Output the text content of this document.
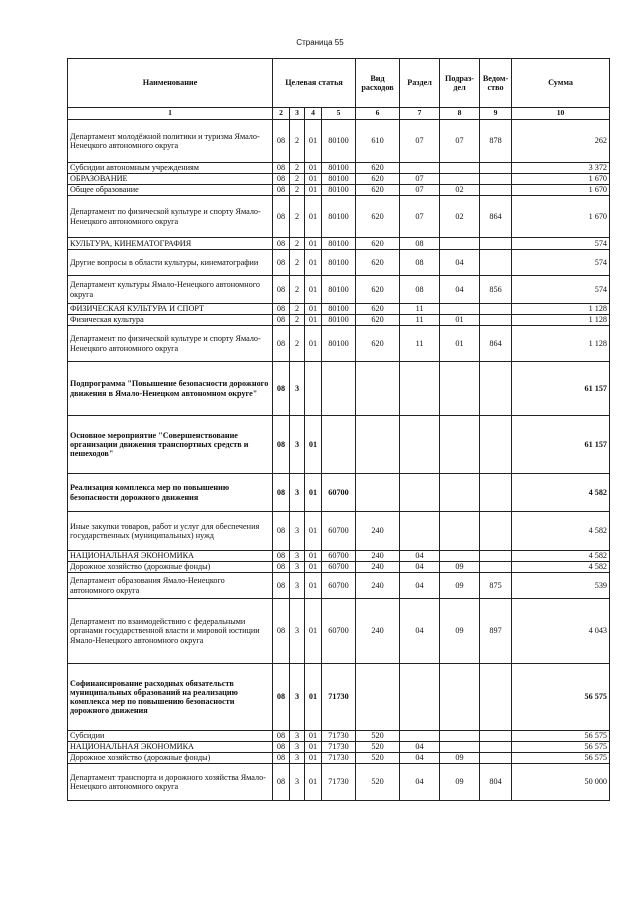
Страница 55
Наименование	Целевая статья				Вид расходов	Раздел	Подраз-дел	Ведом-ство	Сумма
1	2	3	4	5	6	7	8	9	10
Департамент молодёжной политики и туризма Ямало-Ненецкого автономного округа	08	2	01	80100	610	07	07	878	262
Субсидии автономным учреждениям	08	2	01	80100	620				3 372
ОБРАЗОВАНИЕ	08	2	01	80100	620	07			1 670
Общее образование	08	2	01	80100	620	07	02		1 670
Департамент по физической культуре и спорту Ямало-Ненецкого автономного округа	08	2	01	80100	620	07	02	864	1 670
КУЛЬТУРА, КИНЕМАТОГРАФИЯ	08	2	01	80100	620	08			574
Другие вопросы в области культуры, кинематографии	08	2	01	80100	620	08	04		574
Департамент культуры Ямало-Ненецкого автономного округа	08	2	01	80100	620	08	04	856	574
ФИЗИЧЕСКАЯ КУЛЬТУРА И СПОРТ	08	2	01	80100	620	11			1 128
Физическая культура	08	2	01	80100	620	11	01		1 128
Департамент по физической культуре и спорту Ямало-Ненецкого автономного округа	08	2	01	80100	620	11	01	864	1 128
Подпрограмма "Повышение безопасности дорожного движения в Ямало-Ненецком автономном округе"	08	3							61 157
Основное мероприятие "Совершенствование организации движения транспортных средств и пешеходов"	08	3	01						61 157
Реализация комплекса мер по повышению безопасности дорожного движения	08	3	01	60700					4 582
Иные закупки товаров, работ и услуг для обеспечения государственных (муниципальных) нужд	08	3	01	60700	240				4 582
НАЦИОНАЛЬНАЯ ЭКОНОМИКА	08	3	01	60700	240	04			4 582
Дорожное хозяйство (дорожные фонды)	08	3	01	60700	240	04	09		4 582
Департамент образования Ямало-Ненецкого автономного округа	08	3	01	60700	240	04	09	875	539
Департамент по взаимодействию с федеральными органами государственной власти и мировой юстиции Ямало-Ненецкого автономного округа	08	3	01	60700	240	04	09	897	4 043
Софинансирование расходных обязательств муниципальных образований на реализацию комплекса мер по повышению безопасности дорожного движения	08	3	01	71730					56 575
Субсидии	08	3	01	71730	520				56 575
НАЦИОНАЛЬНАЯ ЭКОНОМИКА	08	3	01	71730	520	04			56 575
Дорожное хозяйство (дорожные фонды)	08	3	01	71730	520	04	09		56 575
Департамент транспорта и дорожного хозяйства Ямало-Ненецкого автономного округа	08	3	01	71730	520	04	09	804	50 000
